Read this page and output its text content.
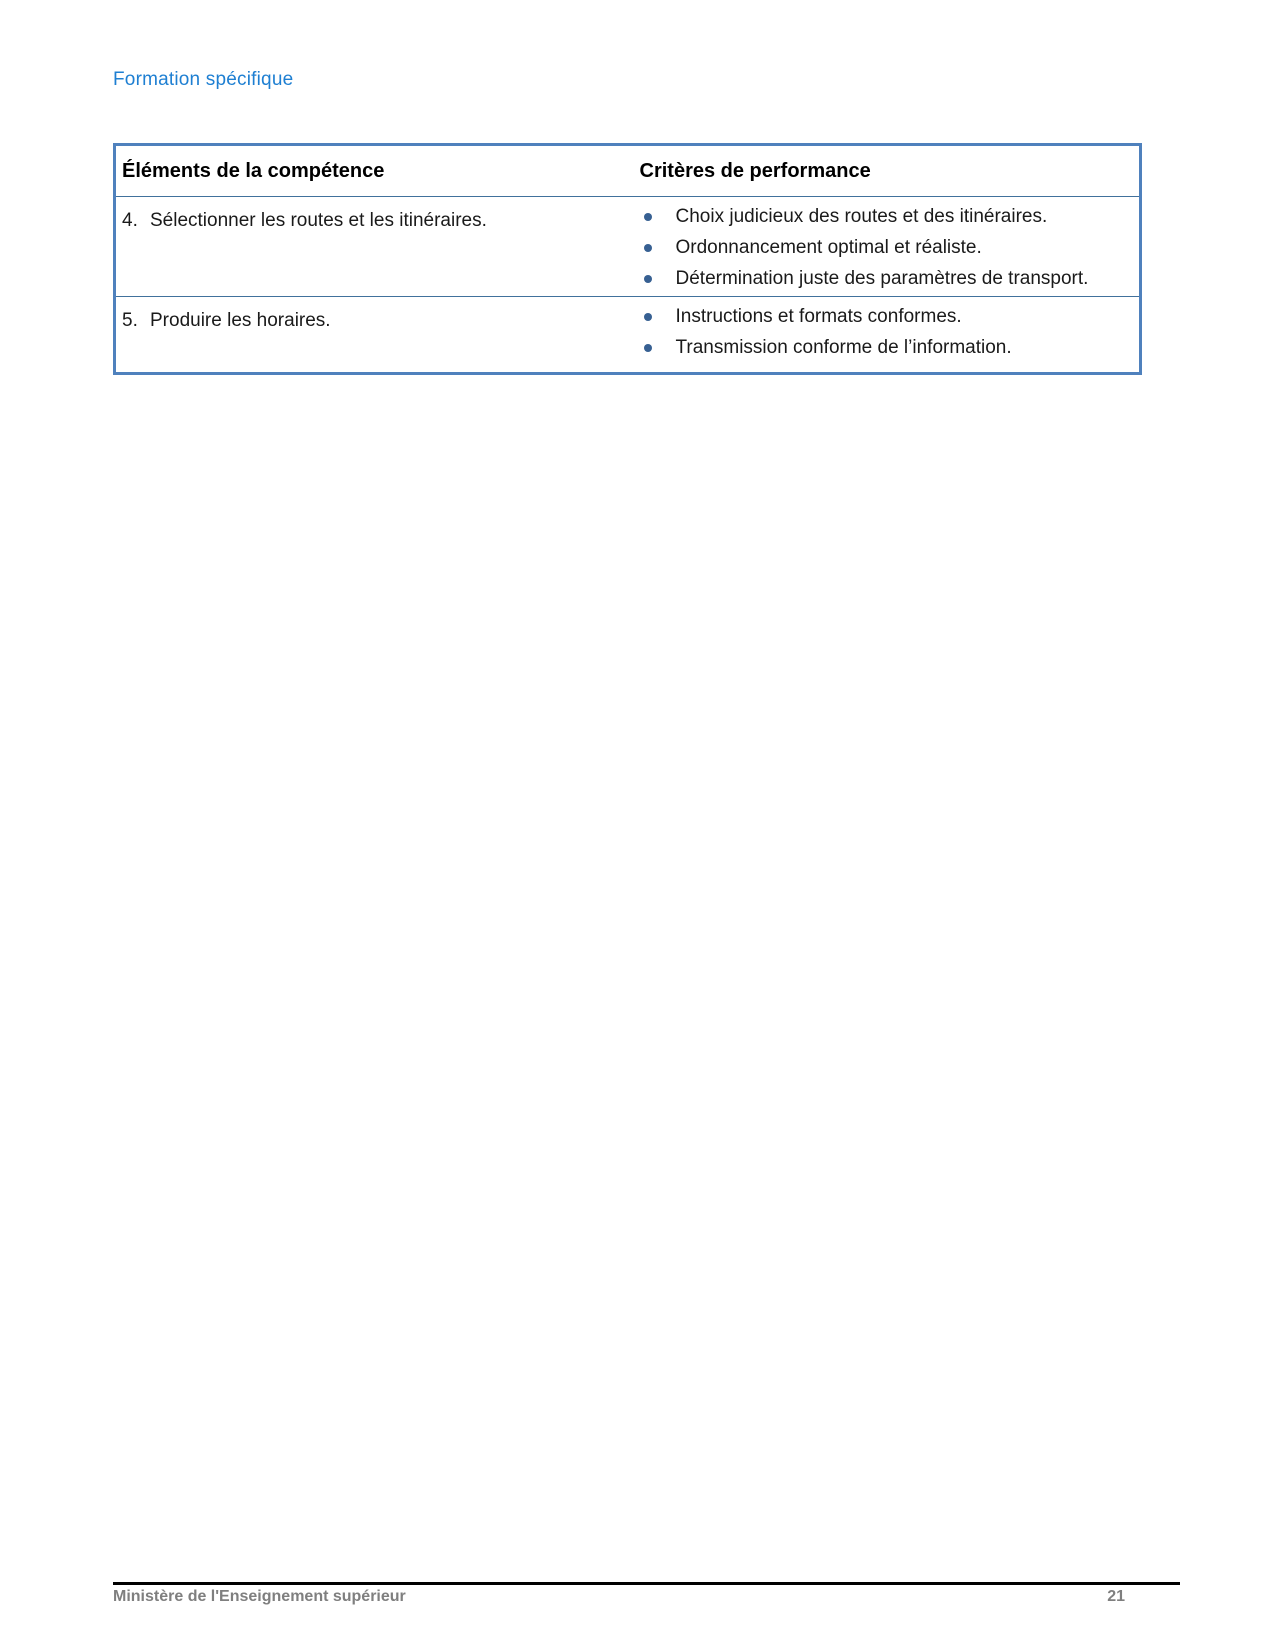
Formation spécifique
Éléments de la compétence	Critères de performance

4. Sélectionner les routes et les itinéraires.	Choix judicieux des routes et des itinéraires.
Ordonnancement optimal et réaliste.
Détermination juste des paramètres de transport.

5. Produire les horaires.	Instructions et formats conformes.
Transmission conforme de l’information.
Ministère de l'Enseignement supérieur	21
